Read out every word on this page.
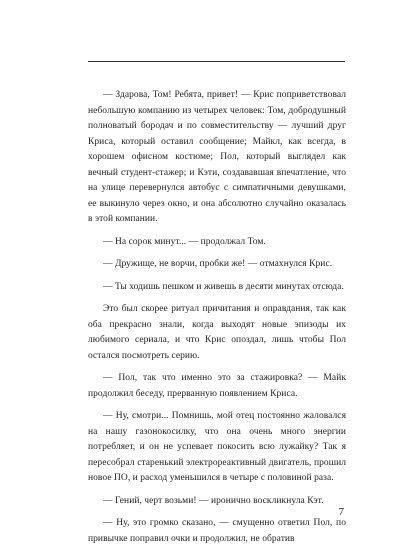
— Здарова, Том! Ребята, привет! — Крис поприветствовал небольшую компанию из четырех человек: Том, добродушный полноватый бородач и по совместительству — лучший друг Криса, который оставил сообщение; Майкл, как всегда, в хорошем офисном костюме; Пол, который выглядел как вечный студент-стажер; и Кэти, создававшая впечатление, что на улице перевернулся автобус с симпатичными девушками, ее выкинуло через окно, и она абсолютно случайно оказалась в этой компании.

— На сорок минут... — продолжал Том.

— Дружище, не ворчи, пробки же! — отмахнулся Крис.

— Ты ходишь пешком и живешь в десяти минутах отсюда.

Это был скорее ритуал причитания и оправдания, так как оба прекрасно знали, когда выходят новые эпизоды их любимого сериала, и что Крис опоздал, лишь чтобы Пол остался посмотреть серию.

— Пол, так что именно это за стажировка? — Майк продолжил беседу, прерванную появлением Криса.

— Ну, смотри... Помнишь, мой отец постоянно жаловался на нашу газонокосилку, что она очень много энергии потребляет, и он не успевает покосить всю лужайку? Так я пересобрал старенький электрореактивный двигатель, прошил новое ПО, и расход уменьшился в четыре с половиной раза.

— Гений, черт возьми! — иронично воскликнула Кэт.

— Ну, это громко сказано, — смущенно ответил Пол, по привычке поправил очки и продолжил, не обратив

7
